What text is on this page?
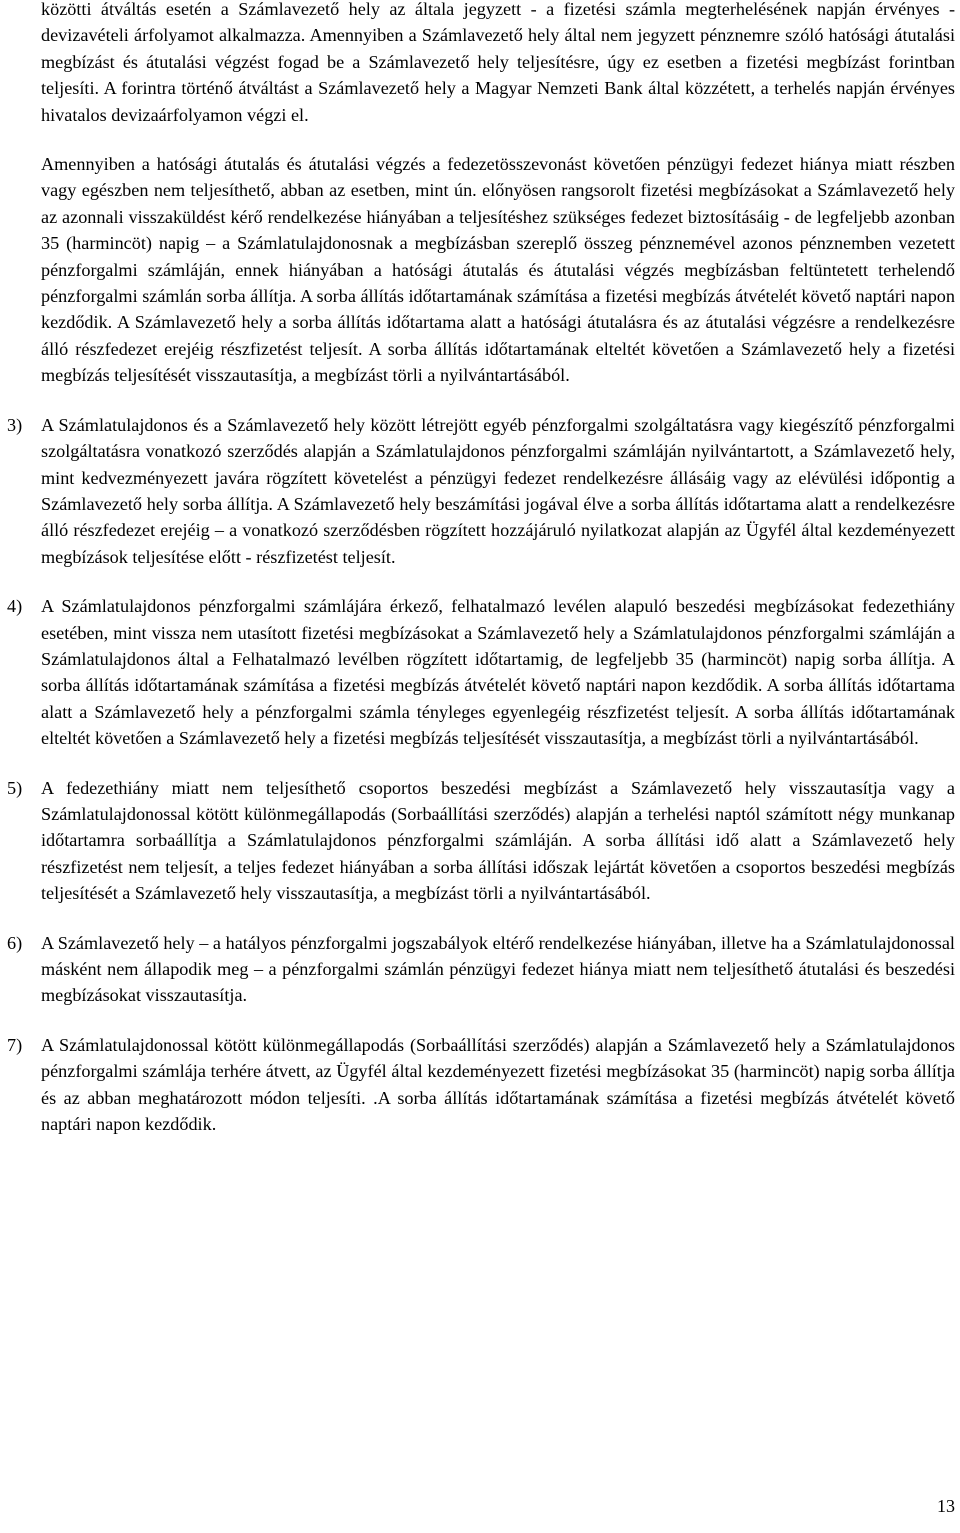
közötti átváltás esetén a Számlavezető hely az általa jegyzett - a fizetési számla megterhelésének napján érvényes - devizavételi árfolyamot alkalmazza. Amennyiben a Számlavezető hely által nem jegyzett pénznemre szóló hatósági átutalási megbízást és átutalási végzést fogad be a Számlavezető hely teljesítésre, úgy ez esetben a fizetési megbízást forintban teljesíti. A forintra történő átváltást a Számlavezető hely a Magyar Nemzeti Bank által közzétett, a terhelés napján érvényes hivatalos devizaárfolyamon végzi el.

Amennyiben a hatósági átutalás és átutalási végzés a fedezetösszevonást követően pénzügyi fedezet hiánya miatt részben vagy egészben nem teljesíthető, abban az esetben, mint ún. előnyösen rangsorolt fizetési megbízásokat a Számlavezető hely az azonnali visszaküldést kérő rendelkezése hiányában a teljesítéshez szükséges fedezet biztosításáig - de legfeljebb azonban 35 (harmincöt) napig – a Számlatulajdonosnak a megbízásban szereplő összeg pénznemével azonos pénznemben vezetett pénzforgalmi számláján, ennek hiányában a hatósági átutalás és átutalási végzés megbízásban feltüntetett terhelendő pénzforgalmi számlán sorba állítja. A sorba állítás időtartamának számítása a fizetési megbízás átvételét követő naptári napon kezdődik. A Számlavezető hely a sorba állítás időtartama alatt a hatósági átutalásra és az átutalási végzésre a rendelkezésre álló részfedezet erejéig részfizetést teljesít. A sorba állítás időtartamának elteltét követően a Számlavezető hely a fizetési megbízás teljesítését visszautasítja, a megbízást törli a nyilvántartásából.

3) A Számlatulajdonos és a Számlavezető hely között létrejött egyéb pénzforgalmi szolgáltatásra vagy kiegészítő pénzforgalmi szolgáltatásra vonatkozó szerződés alapján a Számlatulajdonos pénzforgalmi számláján nyilvántartott, a Számlavezető hely, mint kedvezményezett javára rögzített követelést a pénzügyi fedezet rendelkezésre állásáig vagy az elévülési időpontig a Számlavezető hely sorba állítja. A Számlavezető hely beszámítási jogával élve a sorba állítás időtartama alatt a rendelkezésre álló részfedezet erejéig – a vonatkozó szerződésben rögzített hozzájáruló nyilatkozat alapján az Ügyfél által kezdeményezett megbízások teljesítése előtt - részfizetést teljesít.

4) A Számlatulajdonos pénzforgalmi számlájára érkező, felhatalmazó levélen alapuló beszedési megbízásokat fedezethiány esetében, mint vissza nem utasított fizetési megbízásokat a Számlavezető hely a Számlatulajdonos pénzforgalmi számláján a Számlatulajdonos által a Felhatalmazó levélben rögzített időtartamig, de legfeljebb 35 (harmincöt) napig sorba állítja. A sorba állítás időtartamának számítása a fizetési megbízás átvételét követő naptári napon kezdődik. A sorba állítás időtartama alatt a Számlavezető hely a pénzforgalmi számla tényleges egyenlegéig részfizetést teljesít. A sorba állítás időtartamának elteltét követően a Számlavezető hely a fizetési megbízás teljesítését visszautasítja, a megbízást törli a nyilvántartásából.

5) A fedezethiány miatt nem teljesíthető csoportos beszedési megbízást a Számlavezető hely visszautasítja vagy a Számlatulajdonossal kötött különmegállapodás (Sorbaállítási szerződés) alapján a terhelési naptól számított négy munkanap időtartamra sorbaállítja a Számlatulajdonos pénzforgalmi számláján. A sorba állítási idő alatt a Számlavezető hely részfizetést nem teljesít, a teljes fedezet hiányában a sorba állítási időszak lejártát követően a csoportos beszedési megbízás teljesítését a Számlavezető hely visszautasítja, a megbízást törli a nyilvántartásából.

6) A Számlavezető hely – a hatályos pénzforgalmi jogszabályok eltérő rendelkezése hiányában, illetve ha a Számlatulajdonossal másként nem állapodik meg – a pénzforgalmi számlán pénzügyi fedezet hiánya miatt nem teljesíthető átutalási és beszedési megbízásokat visszautasítja.

7) A Számlatulajdonossal kötött különmegállapodás (Sorbaállítási szerződés) alapján a Számlavezető hely a Számlatulajdonos pénzforgalmi számlája terhére átvett, az Ügyfél által kezdeményezett fizetési megbízásokat 35 (harmincöt) napig sorba állítja és az abban meghatározott módon teljesíti. .A sorba állítás időtartamának számítása a fizetési megbízás átvételét követő naptári napon kezdődik.

13
